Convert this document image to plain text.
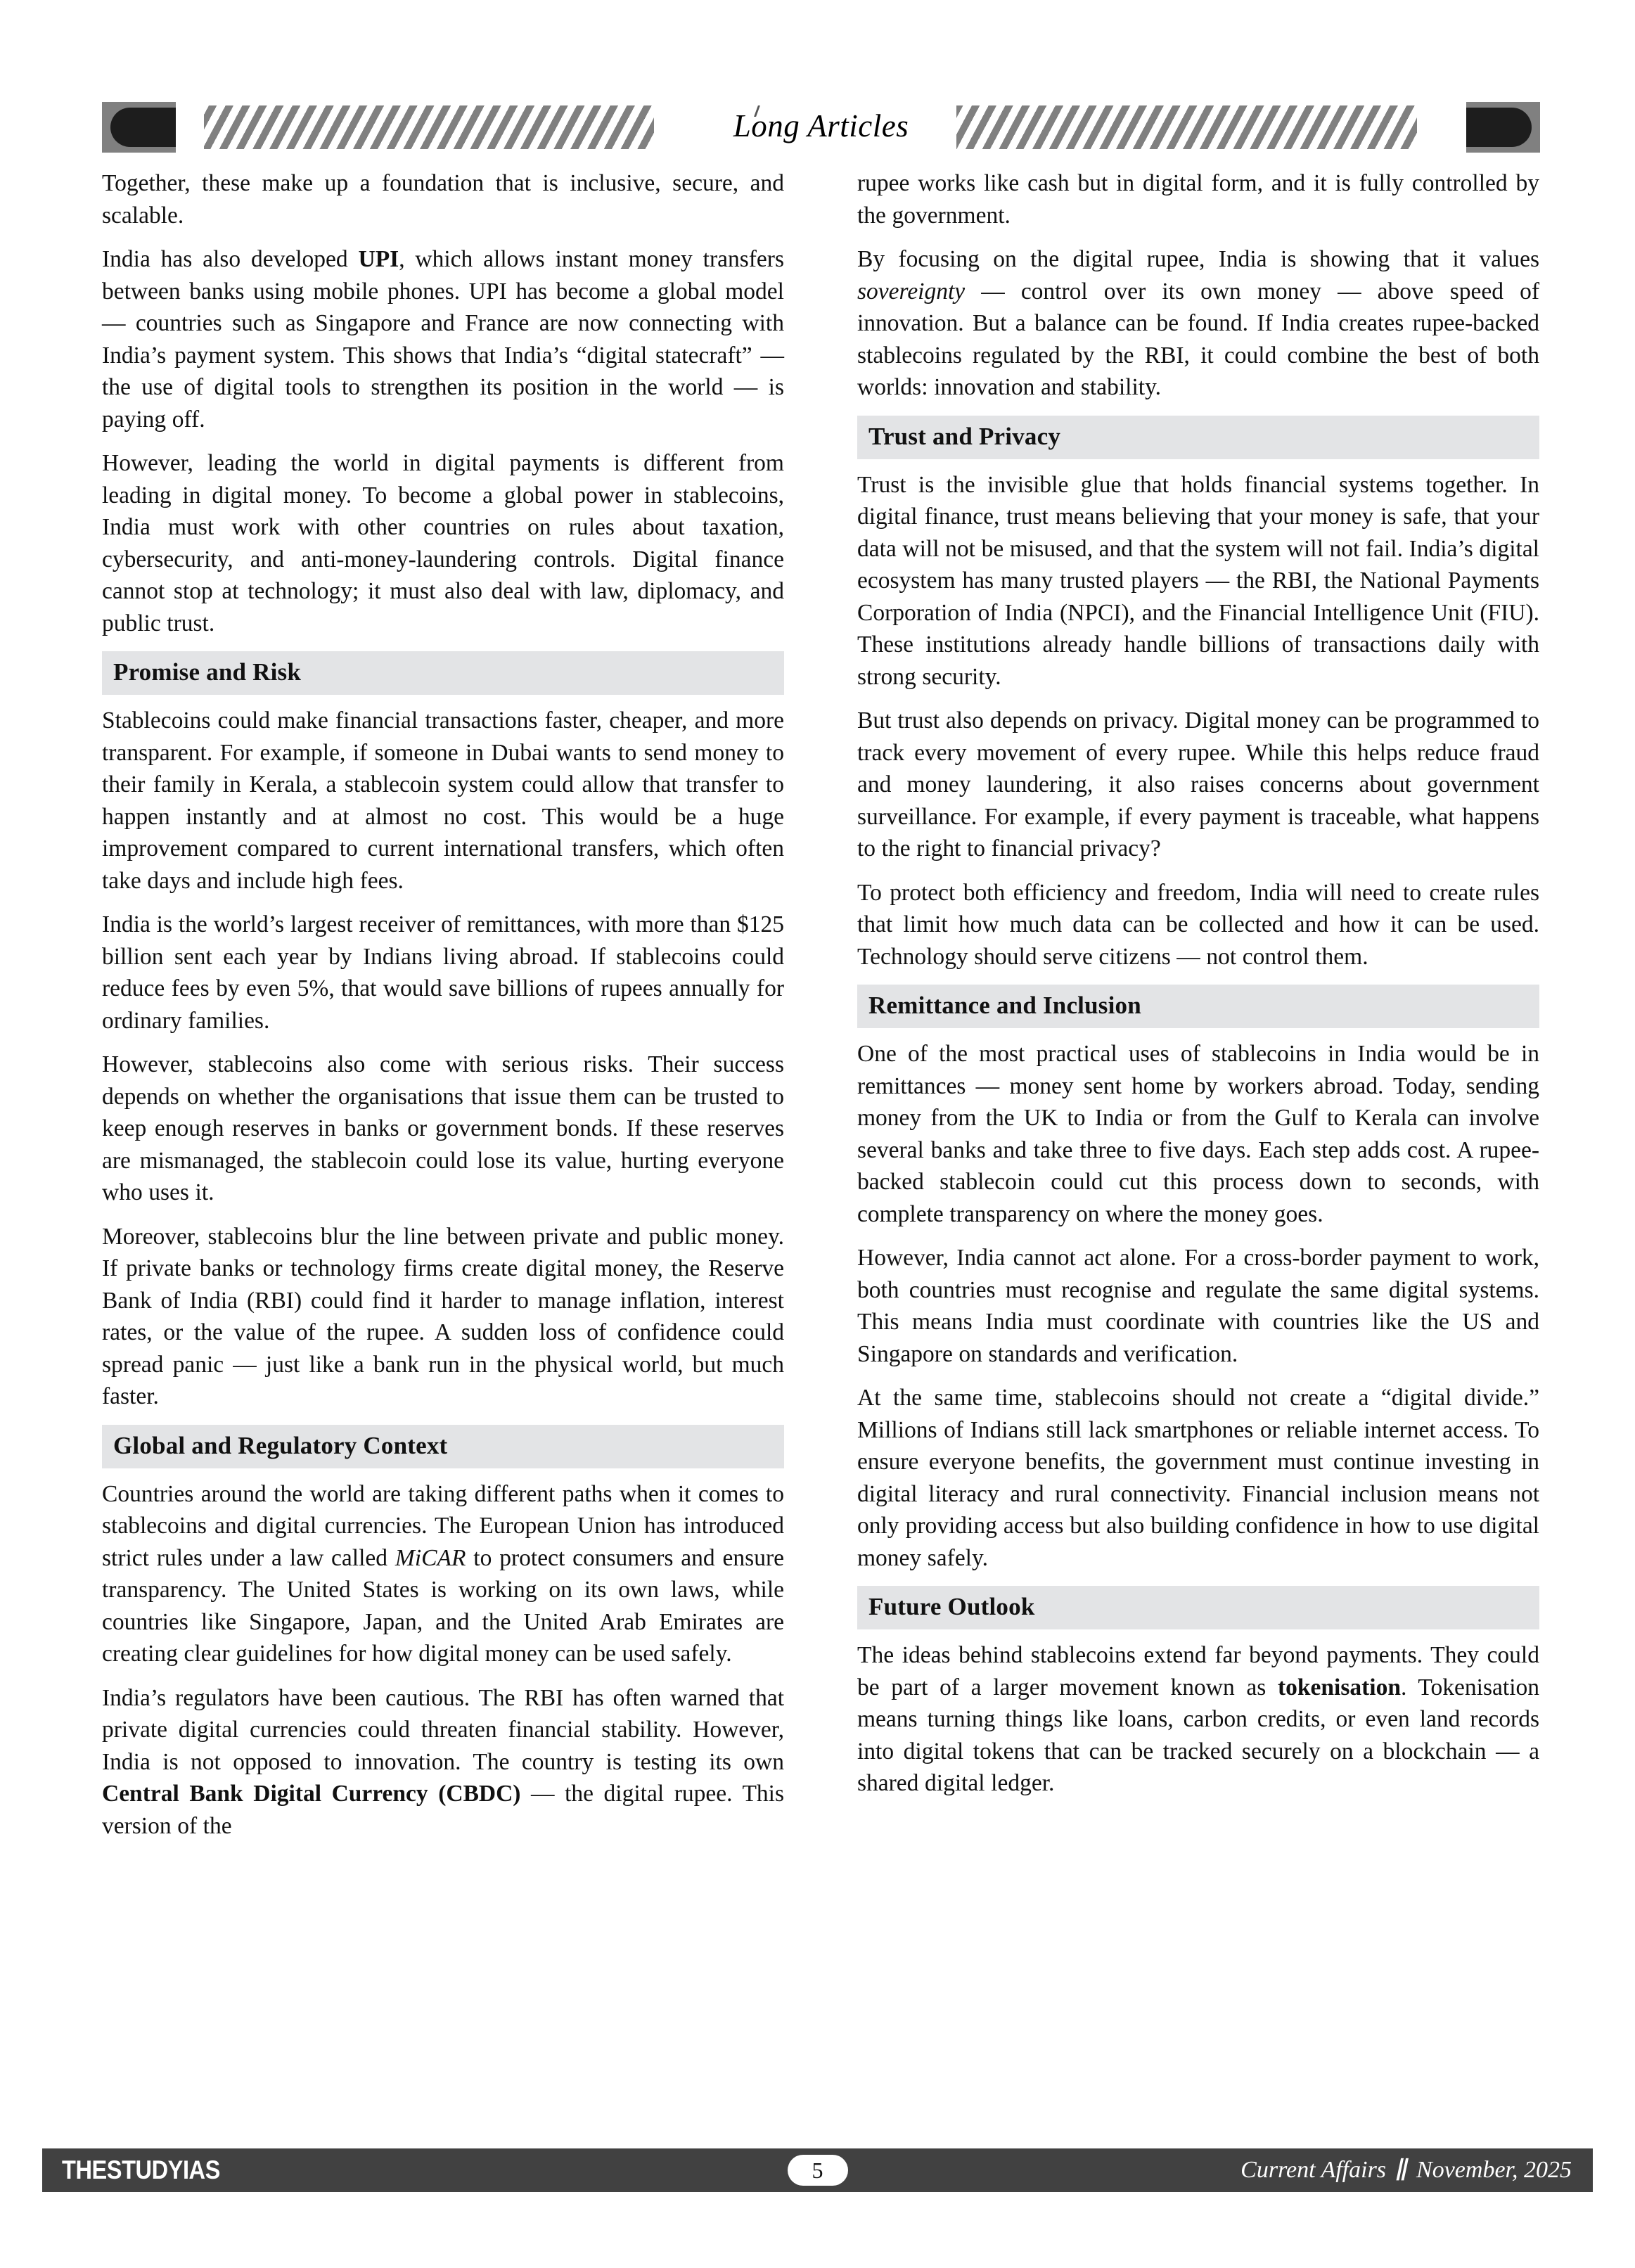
Long Articles

Together, these make up a foundation that is inclusive, secure, and scalable.

India has also developed UPI, which allows instant money transfers between banks using mobile phones. UPI has become a global model — countries such as Singapore and France are now connecting with India’s payment system. This shows that India’s “digital statecraft” — the use of digital tools to strengthen its position in the world — is paying off.

However, leading the world in digital payments is different from leading in digital money. To become a global power in stablecoins, India must work with other countries on rules about taxation, cybersecurity, and anti-money-laundering controls. Digital finance cannot stop at technology; it must also deal with law, diplomacy, and public trust.

Promise and Risk

Stablecoins could make financial transactions faster, cheaper, and more transparent. For example, if someone in Dubai wants to send money to their family in Kerala, a stablecoin system could allow that transfer to happen instantly and at almost no cost. This would be a huge improvement compared to current international transfers, which often take days and include high fees.

India is the world’s largest receiver of remittances, with more than $125 billion sent each year by Indians living abroad. If stablecoins could reduce fees by even 5%, that would save billions of rupees annually for ordinary families.

However, stablecoins also come with serious risks. Their success depends on whether the organisations that issue them can be trusted to keep enough reserves in banks or government bonds. If these reserves are mismanaged, the stablecoin could lose its value, hurting everyone who uses it.

Moreover, stablecoins blur the line between private and public money. If private banks or technology firms create digital money, the Reserve Bank of India (RBI) could find it harder to manage inflation, interest rates, or the value of the rupee. A sudden loss of confidence could spread panic — just like a bank run in the physical world, but much faster.

Global and Regulatory Context

Countries around the world are taking different paths when it comes to stablecoins and digital currencies. The European Union has introduced strict rules under a law called MiCAR to protect consumers and ensure transparency. The United States is working on its own laws, while countries like Singapore, Japan, and the United Arab Emirates are creating clear guidelines for how digital money can be used safely.

India’s regulators have been cautious. The RBI has often warned that private digital currencies could threaten financial stability. However, India is not opposed to innovation. The country is testing its own Central Bank Digital Currency (CBDC) — the digital rupee. This version of the

rupee works like cash but in digital form, and it is fully controlled by the government.

By focusing on the digital rupee, India is showing that it values sovereignty — control over its own money — above speed of innovation. But a balance can be found. If India creates rupee-backed stablecoins regulated by the RBI, it could combine the best of both worlds: innovation and stability.

Trust and Privacy

Trust is the invisible glue that holds financial systems together. In digital finance, trust means believing that your money is safe, that your data will not be misused, and that the system will not fail. India’s digital ecosystem has many trusted players — the RBI, the National Payments Corporation of India (NPCI), and the Financial Intelligence Unit (FIU). These institutions already handle billions of transactions daily with strong security.

But trust also depends on privacy. Digital money can be programmed to track every movement of every rupee. While this helps reduce fraud and money laundering, it also raises concerns about government surveillance. For example, if every payment is traceable, what happens to the right to financial privacy?

To protect both efficiency and freedom, India will need to create rules that limit how much data can be collected and how it can be used. Technology should serve citizens — not control them.

Remittance and Inclusion

One of the most practical uses of stablecoins in India would be in remittances — money sent home by workers abroad. Today, sending money from the UK to India or from the Gulf to Kerala can involve several banks and take three to five days. Each step adds cost. A rupee-backed stablecoin could cut this process down to seconds, with complete transparency on where the money goes.

However, India cannot act alone. For a cross-border payment to work, both countries must recognise and regulate the same digital systems. This means India must coordinate with countries like the US and Singapore on standards and verification.

At the same time, stablecoins should not create a “digital divide.” Millions of Indians still lack smartphones or reliable internet access. To ensure everyone benefits, the government must continue investing in digital literacy and rural connectivity. Financial inclusion means not only providing access but also building confidence in how to use digital money safely.

Future Outlook

The ideas behind stablecoins extend far beyond payments. They could be part of a larger movement known as tokenisation. Tokenisation means turning things like loans, carbon credits, or even land records into digital tokens that can be tracked securely on a blockchain — a shared digital ledger.

THESTUDYIAS	5	Current Affairs ∥ November, 2025
